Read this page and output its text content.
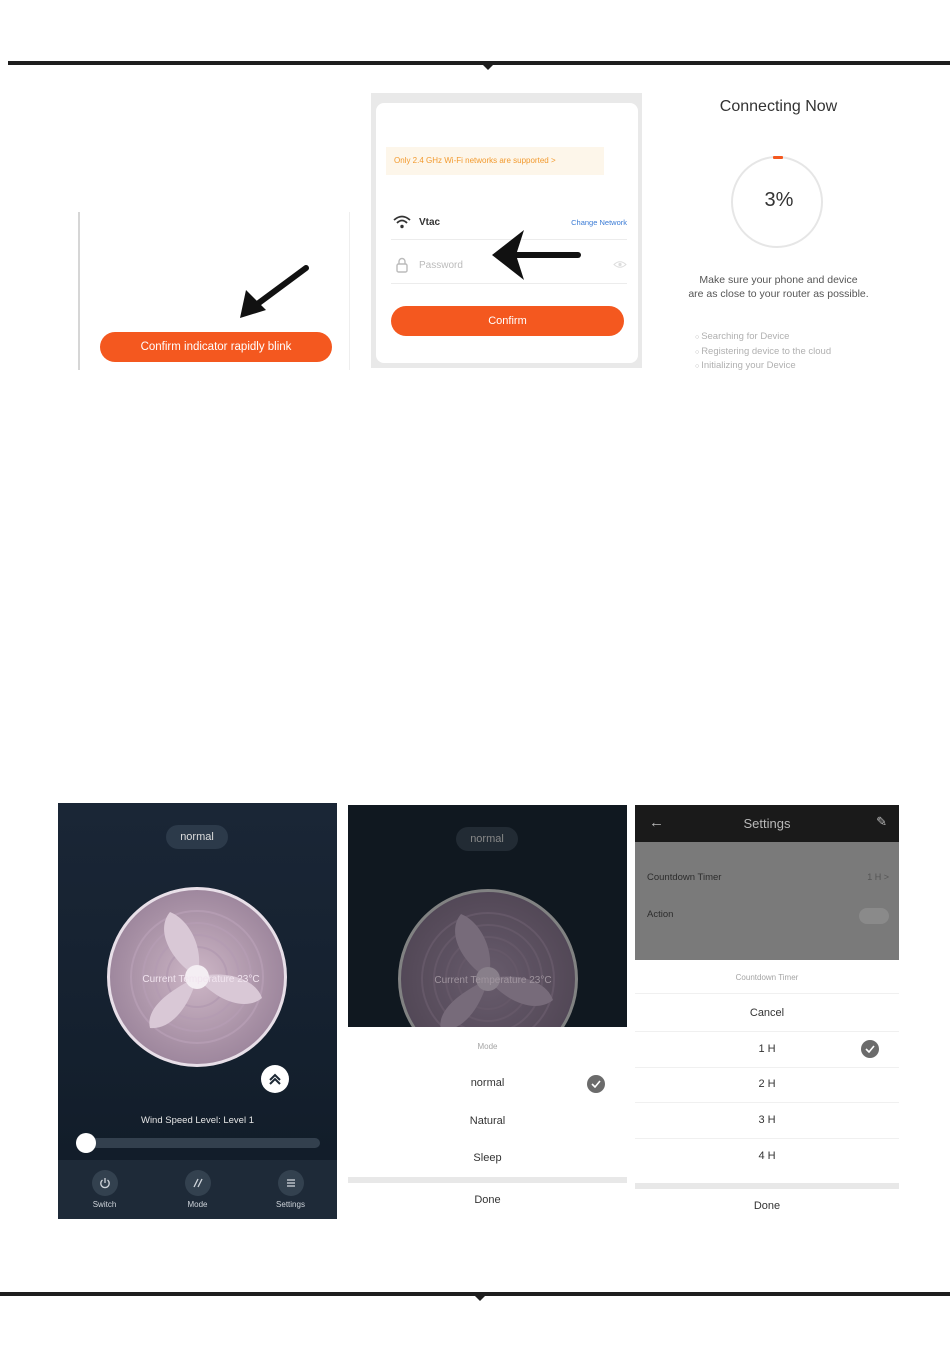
Confirm indicator rapidly blink
Only 2.4 GHz Wi-Fi networks are supported >
Vtac	Change Network
Password
Confirm
Connecting Now
3%
Make sure your phone and device
are as close to your router as possible.
○ Searching for Device
○ Registering device to the cloud
○ Initializing your Device
normal
Current Temperature 23°C
Wind Speed Level: Level 1
Switch	Mode	Settings
normal
Current Temperature 23°C
Mode
normal
Natural
Sleep
Done
←	Settings	✎
Countdown Timer	1 H >
Action
Countdown Timer
Cancel
1 H
2 H
3 H
4 H
Done
